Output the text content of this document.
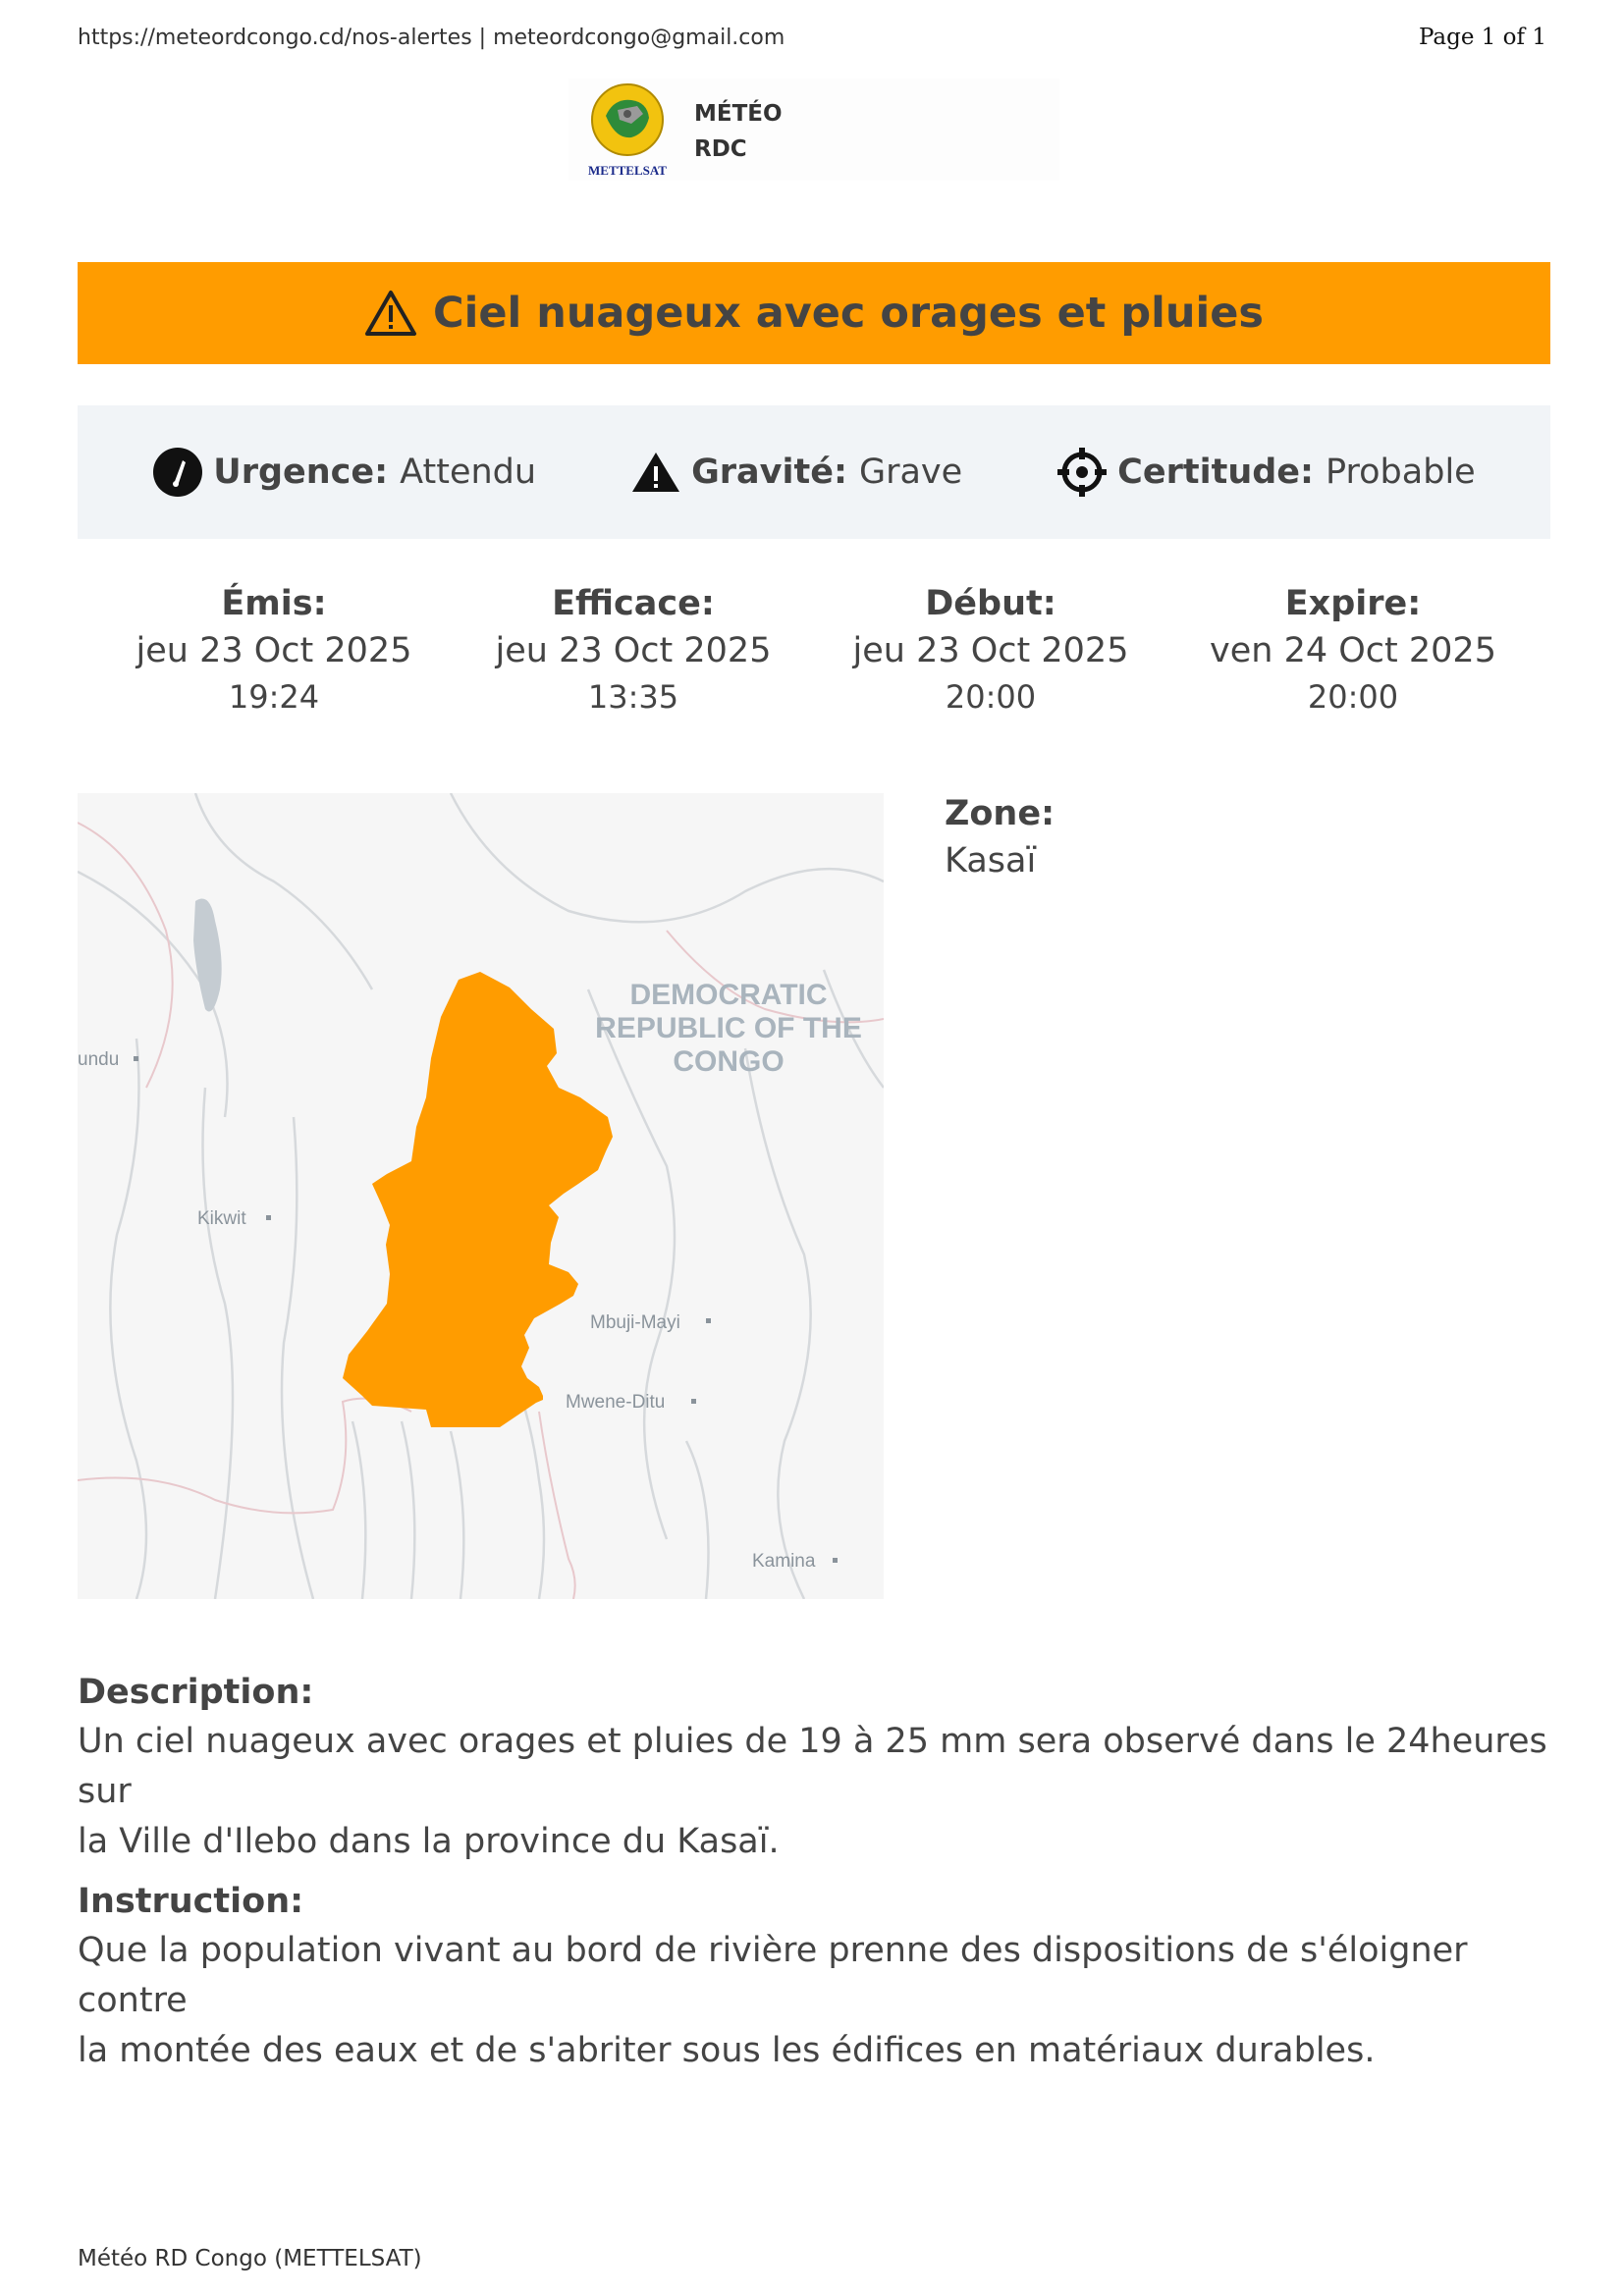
https://meteordcongo.cd/nos-alertes | meteordcongo@gmail.com	Page 1 of 1
METTELSAT
MÉTÉO
RDC
Ciel nuageux avec orages et pluies
Urgence: Attendu	Gravité: Grave	Certitude: Probable
Émis:
jeu 23 Oct 2025
19:24
Efficace:
jeu 23 Oct 2025
13:35
Début:
jeu 23 Oct 2025
20:00
Expire:
ven 24 Oct 2025
20:00
DEMOCRATIC
REPUBLIC OF THE
CONGO
undu
Kikwit
Mbuji-Mayi
Mwene-Ditu
Kamina
Zone:
Kasaï
Description:
Un ciel nuageux avec orages et pluies de 19 à 25 mm sera observé dans le 24heures sur
la Ville d'Ilebo dans la province du Kasaï.
Instruction:
Que la population vivant au bord de rivière prenne des dispositions de s'éloigner contre
la montée des eaux et de s'abriter sous les édifices en matériaux durables.
Météo RD Congo (METTELSAT)
